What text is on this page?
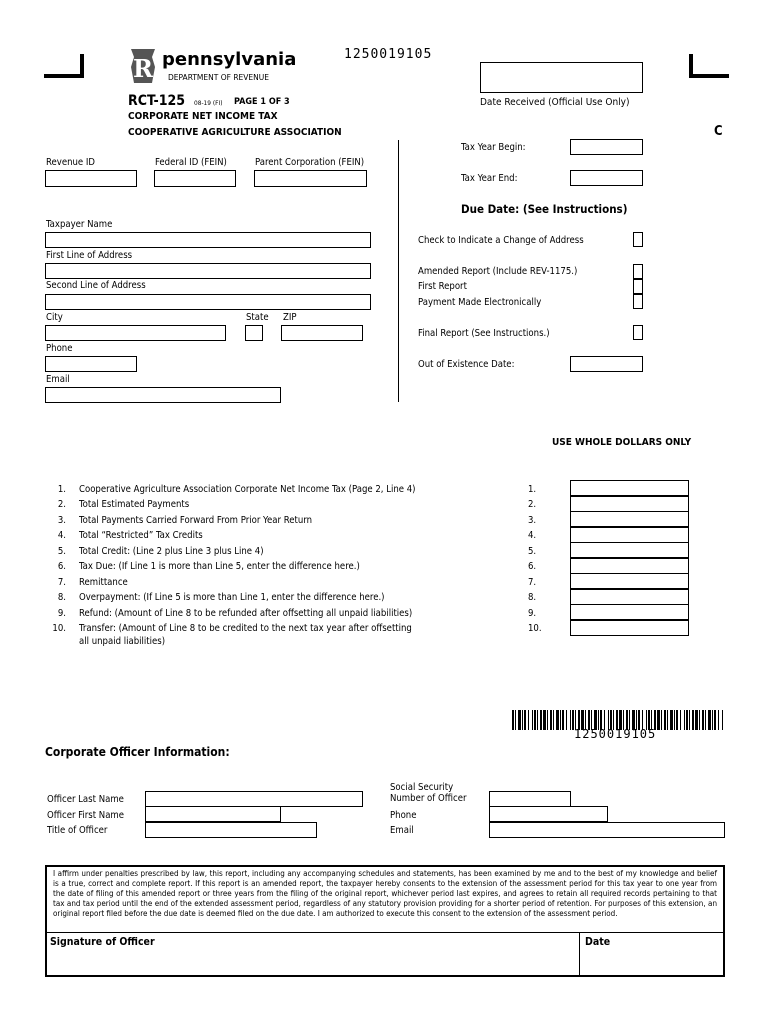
R pennsylvania
DEPARTMENT OF REVENUE
1250019105
Date Received (Official Use Only)
C
RCT-125 08-19 (FI) PAGE 1 OF 3
CORPORATE NET INCOME TAX
COOPERATIVE AGRICULTURE ASSOCIATION
Revenue ID	Federal ID (FEIN)	Parent Corporation (FEIN)
Taxpayer Name
First Line of Address
Second Line of Address
City	State ZIP
Phone
Email
Tax Year Begin:
Tax Year End:
Due Date: (See Instructions)
Check to Indicate a Change of Address
Amended Report (Include REV-1175.)
First Report
Payment Made Electronically
Final Report (See Instructions.)
Out of Existence Date:
USE WHOLE DOLLARS ONLY
1. Cooperative Agriculture Association Corporate Net Income Tax (Page 2, Line 4)	1.
2. Total Estimated Payments	2.
3. Total Payments Carried Forward From Prior Year Return	3.
4. Total “Restricted” Tax Credits	4.
5. Total Credit: (Line 2 plus Line 3 plus Line 4)	5.
6. Tax Due: (If Line 1 is more than Line 5, enter the difference here.)	6.
7. Remittance	7.
8. Overpayment: (If Line 5 is more than Line 1, enter the difference here.)	8.
9. Refund: (Amount of Line 8 to be refunded after offsetting all unpaid liabilities)	9.
10. Transfer: (Amount of Line 8 to be credited to the next tax year after offsetting
all unpaid liabilities)
10.
1250019105
Corporate Officer Information:
Officer Last Name
Officer First Name
Title of Officer
Social Security
Number of Officer
Phone
Email
I affirm under penalties prescribed by law, this report, including any accompanying schedules and statements, has been examined by me and to the best of my knowledge and belief is a true, correct and complete report. If this report is an amended report, the taxpayer hereby consents to the extension of the assessment period for this tax year to one year from the date of filing of this amended report or three years from the filing of the original report, whichever period last expires, and agrees to retain all required records pertaining to that tax and tax period until the end of the extended assessment period, regardless of any statutory provision providing for a shorter period of retention. For purposes of this extension, an original report filed before the due date is deemed filed on the due date. I am authorized to execute this consent to the extension of the assessment period.
Signature of Officer	Date
